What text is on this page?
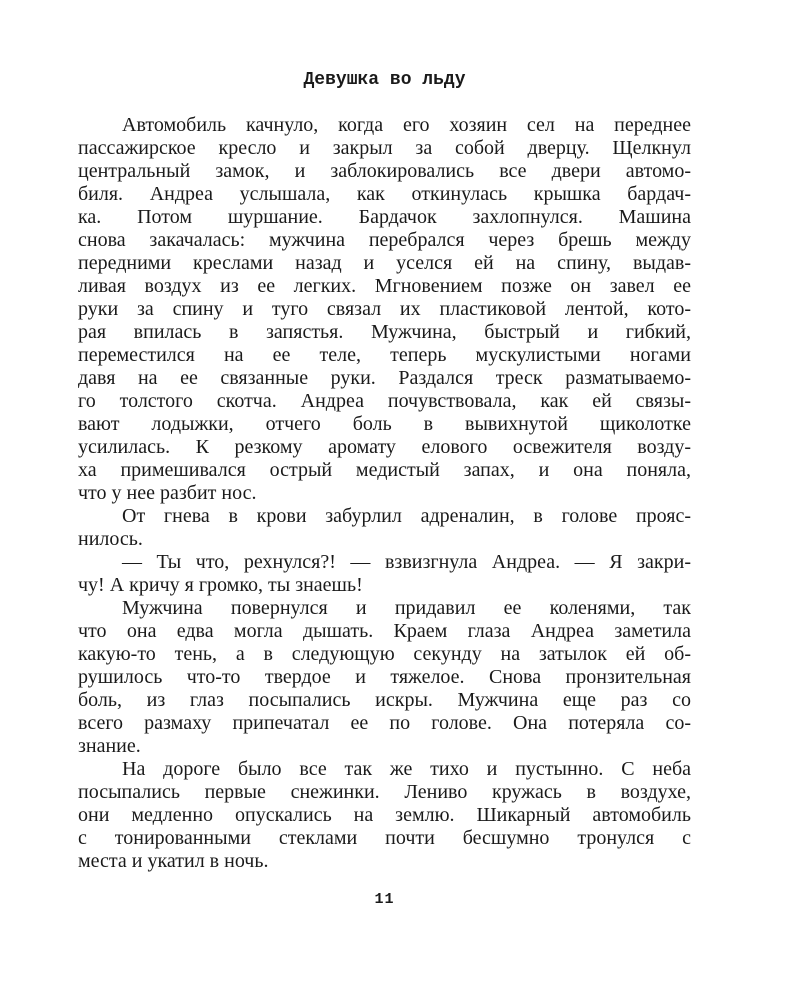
Девушка во льду
Автомобиль качнуло, когда его хозяин сел на переднее
пассажирское кресло и закрыл за собой дверцу. Щелкнул
центральный замок, и заблокировались все двери автомо-
биля. Андреа услышала, как откинулась крышка бардач-
ка. Потом шуршание. Бардачок захлопнулся. Машина
снова закачалась: мужчина перебрался через брешь между
передними креслами назад и уселся ей на спину, выдав-
ливая воздух из ее легких. Мгновением позже он завел ее
руки за спину и туго связал их пластиковой лентой, кото-
рая впилась в запястья. Мужчина, быстрый и гибкий,
переместился на ее теле, теперь мускулистыми ногами
давя на ее связанные руки. Раздался треск разматываемо-
го толстого скотча. Андреа почувствовала, как ей связы-
вают лодыжки, отчего боль в вывихнутой щиколотке
усилилась. К резкому аромату елового освежителя возду-
ха примешивался острый медистый запах, и она поняла,
что у нее разбит нос.
От гнева в крови забурлил адреналин, в голове прояс-
нилось.
— Ты что, рехнулся?! — взвизгнула Андреа. — Я закри-
чу! А кричу я громко, ты знаешь!
Мужчина повернулся и придавил ее коленями, так
что она едва могла дышать. Краем глаза Андреа заметила
какую-то тень, а в следующую секунду на затылок ей об-
рушилось что-то твердое и тяжелое. Снова пронзительная
боль, из глаз посыпались искры. Мужчина еще раз со
всего размаху припечатал ее по голове. Она потеряла со-
знание.
На дороге было все так же тихо и пустынно. С неба
посыпались первые снежинки. Лениво кружась в воздухе,
они медленно опускались на землю. Шикарный автомобиль
с тонированными стеклами почти бесшумно тронулся с
места и укатил в ночь.
11
